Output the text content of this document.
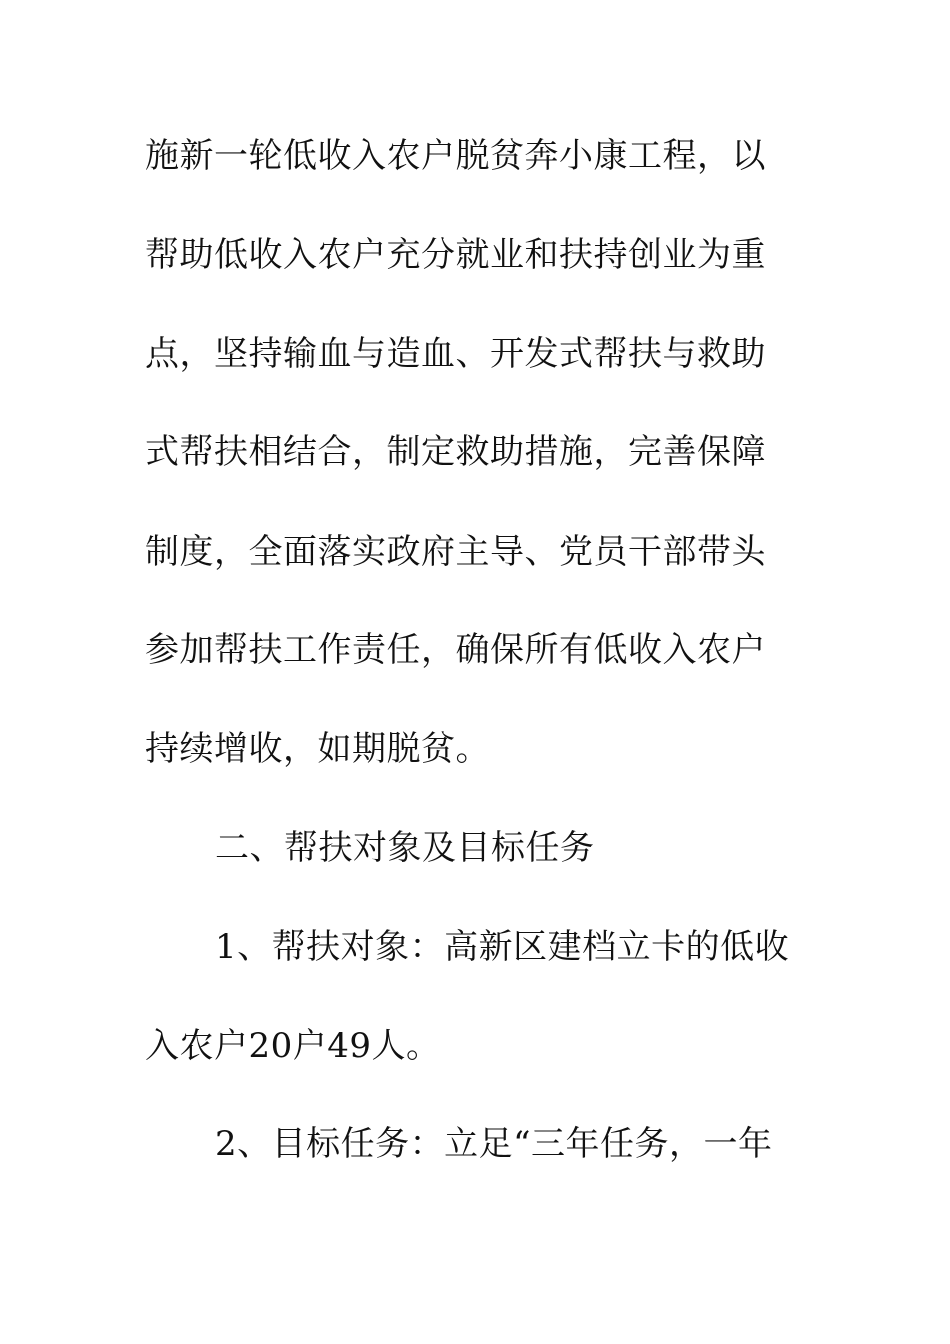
施新一轮低收入农户脱贫奔小康工程，以
帮助低收入农户充分就业和扶持创业为重
点，坚持输血与造血、开发式帮扶与救助
式帮扶相结合，制定救助措施，完善保障
制度，全面落实政府主导、党员干部带头
参加帮扶工作责任，确保所有低收入农户
持续增收，如期脱贫。
二、帮扶对象及目标任务
1、帮扶对象：高新区建档立卡的低收
入农户20户49人。
2、目标任务：立足“三年任务，一年
